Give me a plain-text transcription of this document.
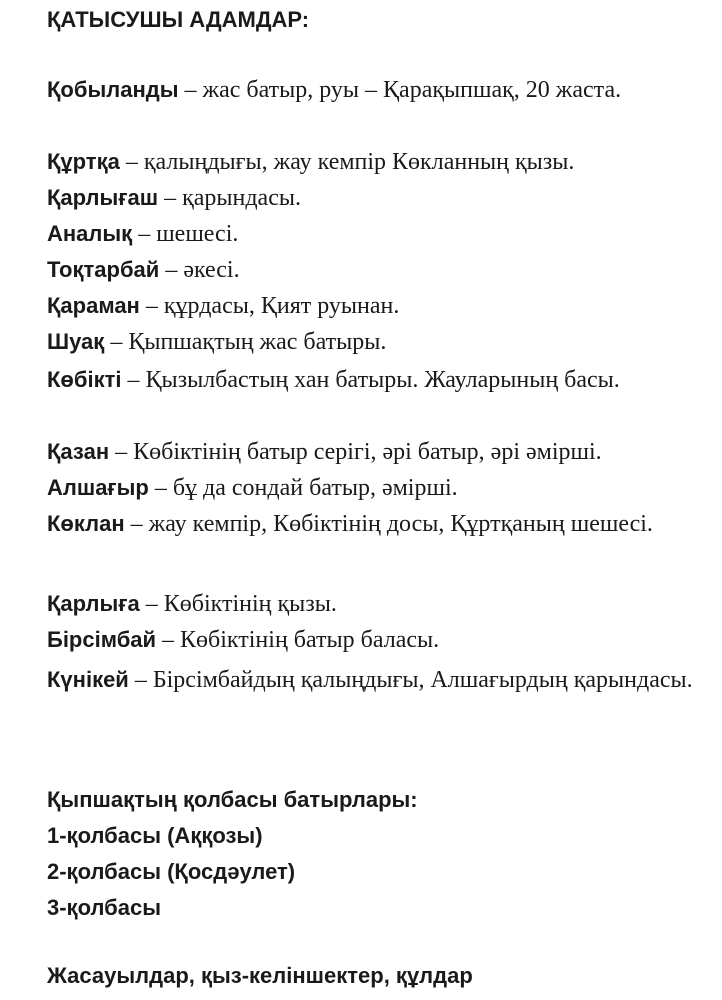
ҚАТЫСУШЫ АДАМДАР:

Қобыланды – жас батыр, руы – Қарақыпшақ, 20 жаста.

Құртқа – қалыңдығы, жау кемпір Көкланның қызы.

Қарлығаш – қарындасы.

Аналық – шешесі.

Тоқтарбай – әкесі.

Қараман – құрдасы, Қият руынан.

Шуақ – Қыпшақтың жас батыры.

Көбікті – Қызылбастың хан батыры. Жауларының басы.

Қазан – Көбіктінің батыр серігі, әрі батыр, әрі әмірші.

Алшағыр – бұ да сондай батыр, әмірші.

Көклан – жау кемпір, Көбіктінің досы, Құртқаның шешесі.

Қарлыға – Көбіктінің қызы.

Бірсімбай – Көбіктінің батыр баласы.

Күнікей – Бірсімбайдың қалыңдығы, Алшағырдың қарындасы.

Қыпшақтың қолбасы батырлары:

1-қолбасы (Аққозы)

2-қолбасы (Қосдәулет)

3-қолбасы

Жасауылдар, қыз-келіншектер, құлдар
